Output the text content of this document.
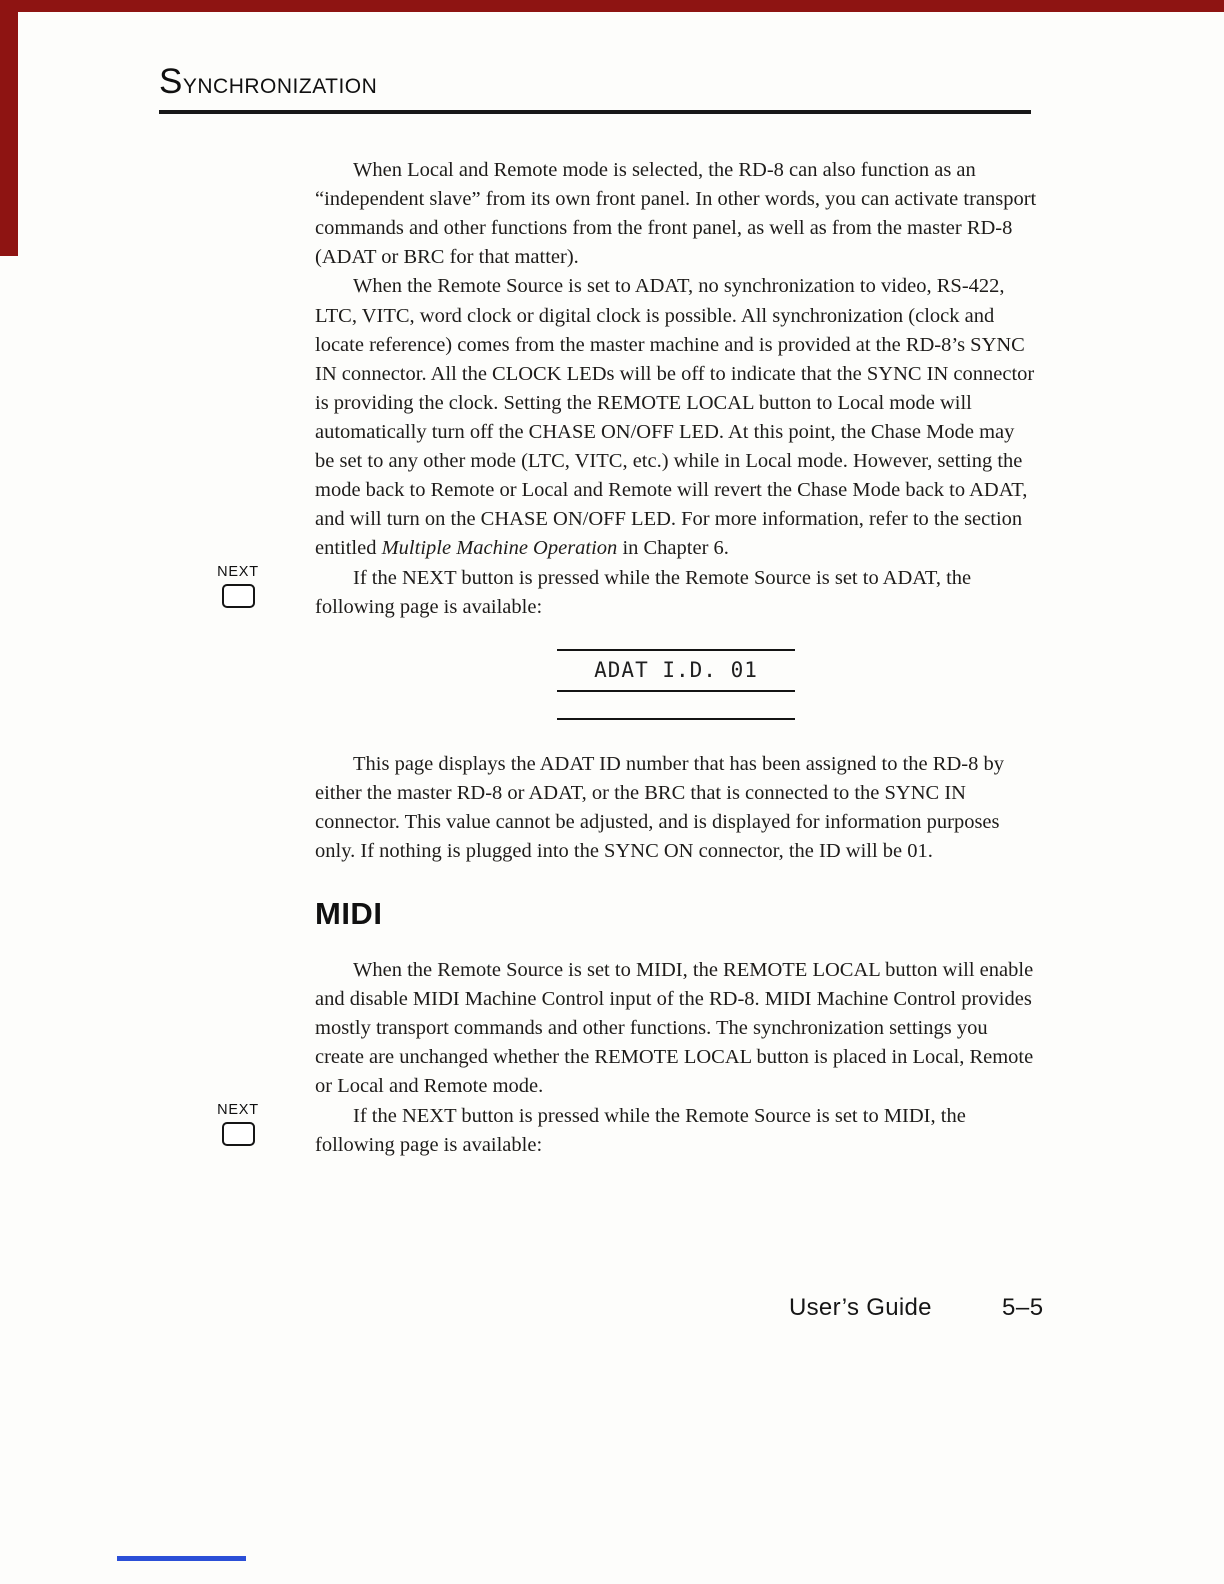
SYNCHRONIZATION

When Local and Remote mode is selected, the RD-8 can also function as an “independent slave” from its own front panel. In other words, you can activate transport commands and other functions from the front panel, as well as from the master RD-8 (ADAT or BRC for that matter).

When the Remote Source is set to ADAT, no synchronization to video, RS-422, LTC, VITC, word clock or digital clock is possible. All synchronization (clock and locate reference) comes from the master machine and is provided at the RD-8’s SYNC IN connector. All the CLOCK LEDs will be off to indicate that the SYNC IN connector is providing the clock. Setting the REMOTE LOCAL button to Local mode will automatically turn off the CHASE ON/OFF LED. At this point, the Chase Mode may be set to any other mode (LTC, VITC, etc.) while in Local mode. However, setting the mode back to Remote or Local and Remote will revert the Chase Mode back to ADAT, and will turn on the CHASE ON/OFF LED. For more information, refer to the section entitled Multiple Machine Operation in Chapter 6.

NEXT	If the NEXT button is pressed while the Remote Source is set to ADAT, the following page is available:

ADAT I.D. 01

This page displays the ADAT ID number that has been assigned to the RD-8 by either the master RD-8 or ADAT, or the BRC that is connected to the SYNC IN connector. This value cannot be adjusted, and is displayed for information purposes only. If nothing is plugged into the SYNC ON connector, the ID will be 01.

MIDI

When the Remote Source is set to MIDI, the REMOTE LOCAL button will enable and disable MIDI Machine Control input of the RD-8. MIDI Machine Control provides mostly transport commands and other functions. The synchronization settings you create are unchanged whether the REMOTE LOCAL button is placed in Local, Remote or Local and Remote mode.

NEXT	If the NEXT button is pressed while the Remote Source is set to MIDI, the following page is available:

User’s Guide	5–5
